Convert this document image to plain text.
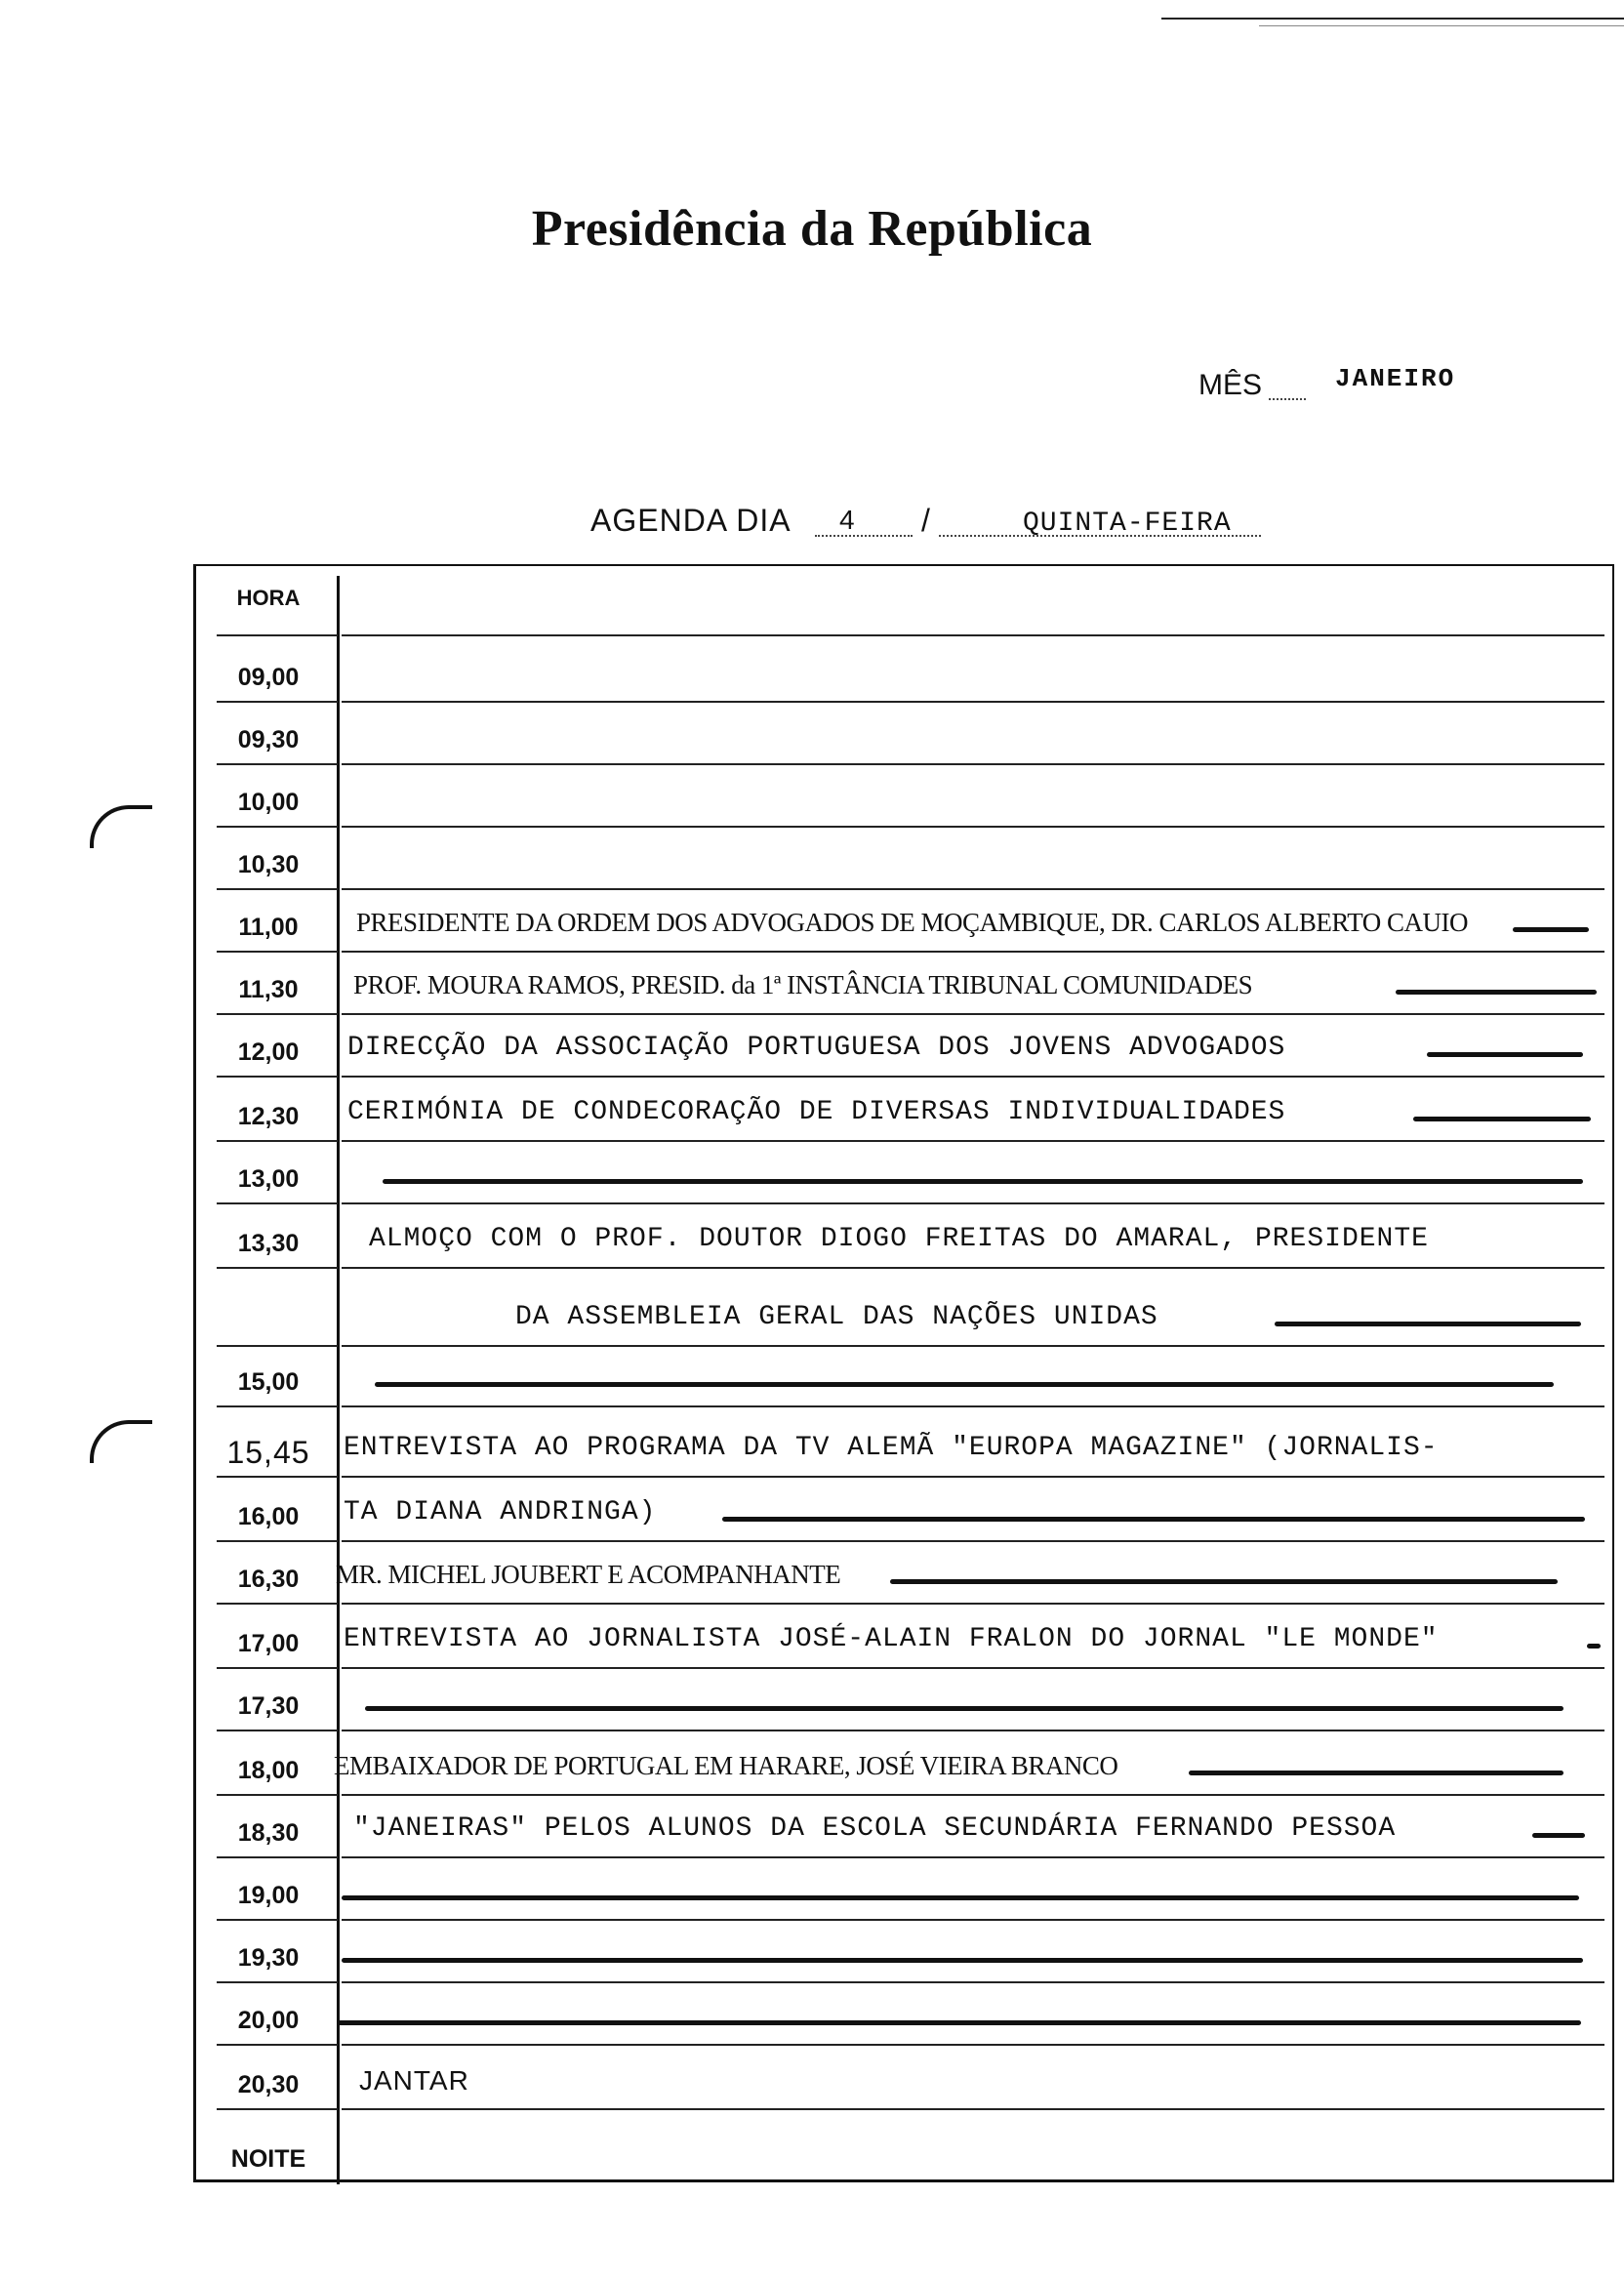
Presidência da República
MÊS	JANEIRO
AGENDA DIA 4 /	QUINTA-FEIRA
HORA
09,00
09,30
10,00
10,30
11,00	PRESIDENTE DA ORDEM DOS ADVOGADOS DE MOÇAMBIQUE, DR. CARLOS ALBERTO CAUIO
11,30	PROF. MOURA RAMOS, PRESID. da 1ª INSTÂNCIA TRIBUNAL COMUNIDADES
12,00	DIRECÇÃO DA ASSOCIAÇÃO PORTUGUESA DOS JOVENS ADVOGADOS
12,30	CERIMÓNIA DE CONDECORAÇÃO DE DIVERSAS INDIVIDUALIDADES
13,00
13,30	ALMOÇO COM O PROF. DOUTOR DIOGO FREITAS DO AMARAL, PRESIDENTE
DA ASSEMBLEIA GERAL DAS NAÇÕES UNIDAS
15,00
15,45	ENTREVISTA AO PROGRAMA DA TV ALEMÃ "EUROPA MAGAZINE" (JORNALIS-
16,00	TA DIANA ANDRINGA)
16,30	MR. MICHEL JOUBERT E ACOMPANHANTE
17,00	ENTREVISTA AO JORNALISTA JOSÉ-ALAIN FRALON DO JORNAL "LE MONDE"
17,30
18,00	EMBAIXADOR DE PORTUGAL EM HARARE, JOSÉ VIEIRA BRANCO
18,30	"JANEIRAS" PELOS ALUNOS DA ESCOLA SECUNDÁRIA FERNANDO PESSOA
19,00
19,30
20,00
20,30	JANTAR
NOITE
